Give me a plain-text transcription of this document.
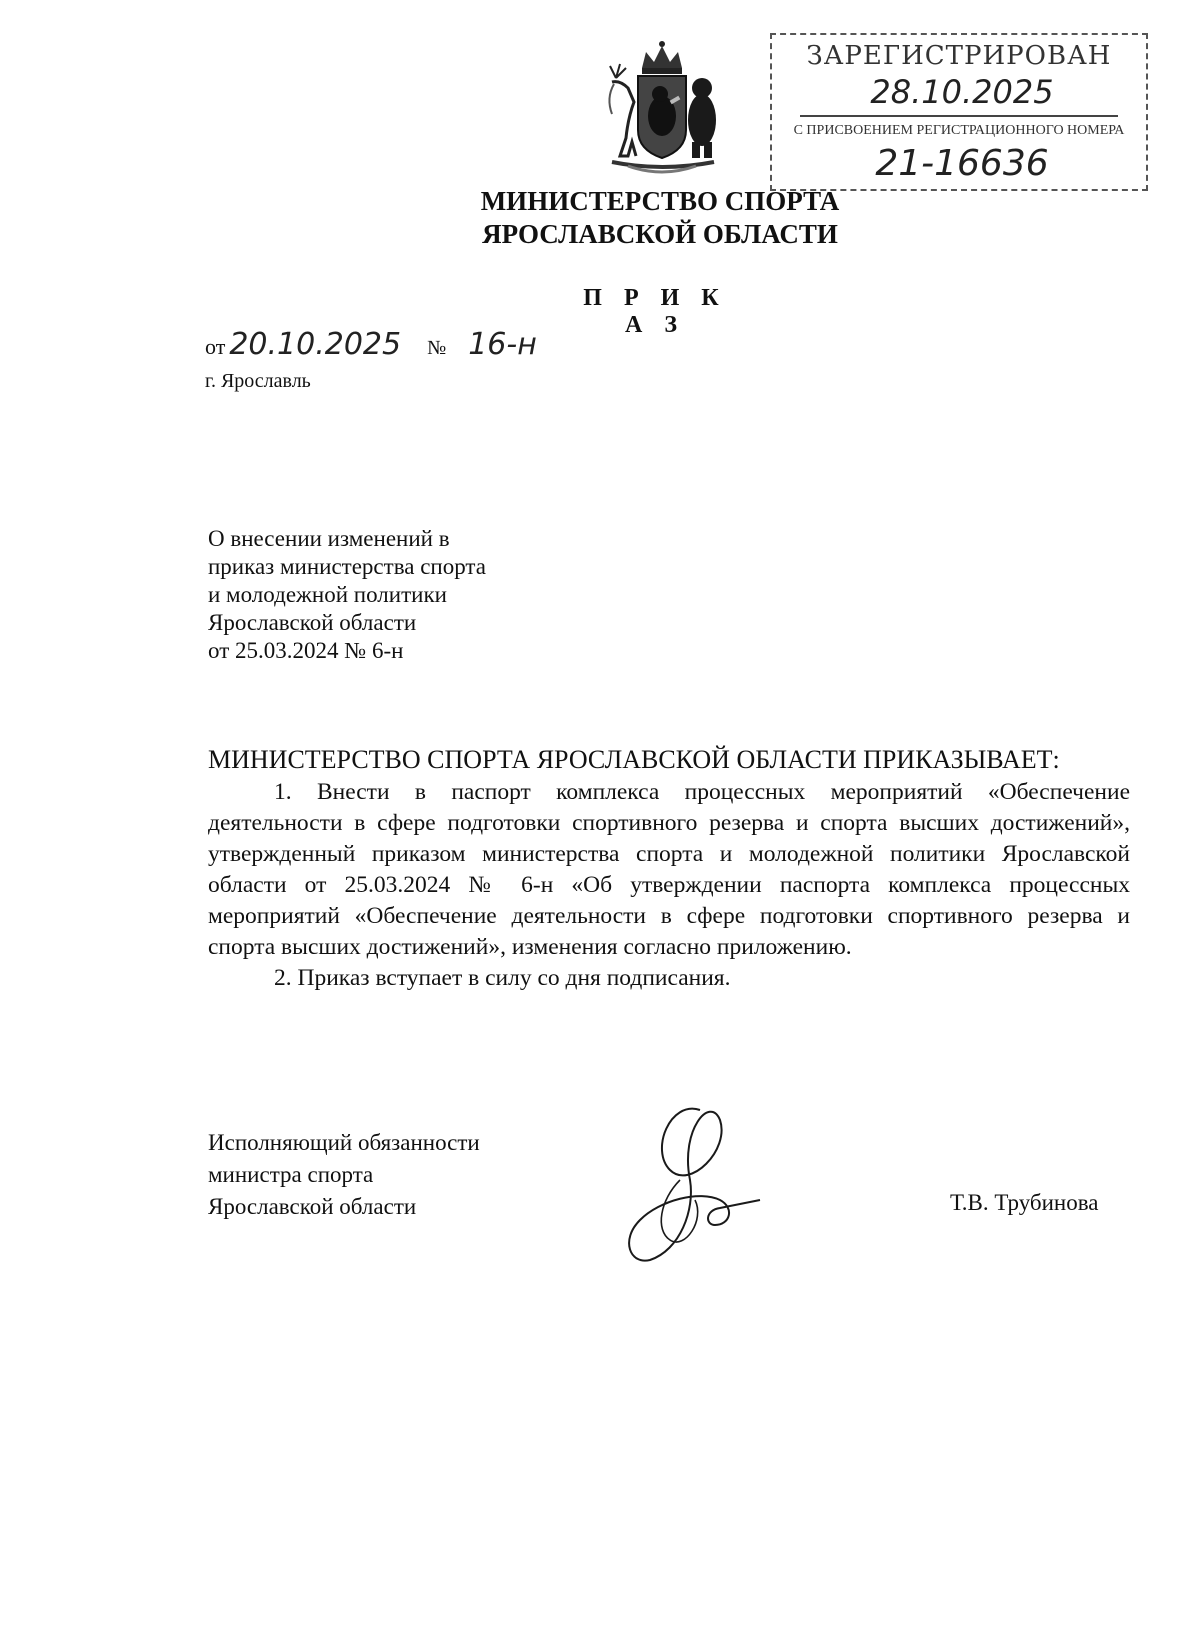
ЗАРЕГИСТРИРОВАН
28.10.2025
С ПРИСВОЕНИЕМ РЕГИСТРАЦИОННОГО НОМЕРА
21-16636
МИНИСТЕРСТВО СПОРТА
ЯРОСЛАВСКОЙ ОБЛАСТИ
П Р И К А З
от 20.10.2025 № 16-н
г. Ярославль
О внесении изменений в
приказ министерства спорта
и молодежной политики
Ярославской области
от 25.03.2024 № 6-н
МИНИСТЕРСТВО СПОРТА ЯРОСЛАВСКОЙ ОБЛАСТИ ПРИКАЗЫВАЕТ:

1. Внести в паспорт комплекса процессных мероприятий «Обеспечение деятельности в сфере подготовки спортивного резерва и спорта высших достижений», утвержденный приказом министерства спорта и молодежной политики Ярославской области от 25.03.2024 № 6-н «Об утверждении паспорта комплекса процессных мероприятий «Обеспечение деятельности в сфере подготовки спортивного резерва и спорта высших достижений», изменения согласно приложению.

2. Приказ вступает в силу со дня подписания.

Исполняющий обязанности
министра спорта
Ярославской области	Т.В. Трубинова
